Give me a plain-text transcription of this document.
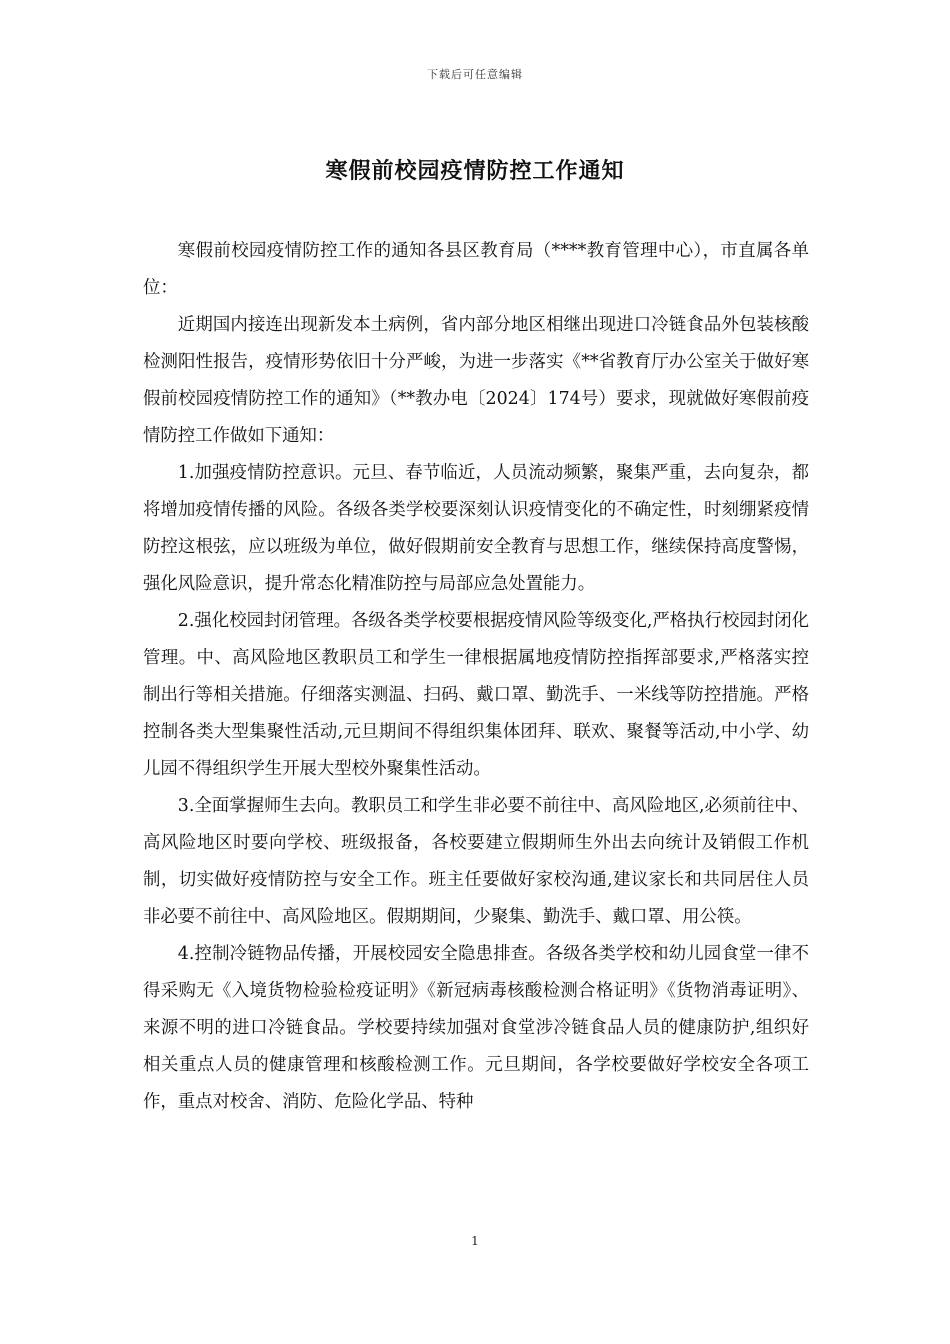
下载后可任意编辑
寒假前校园疫情防控工作通知

寒假前校园疫情防控工作的通知各县区教育局（****教育管理中心），市直属各单位：

近期国内接连出现新发本土病例，省内部分地区相继出现进口冷链食品外包装核酸检测阳性报告，疫情形势依旧十分严峻，为进一步落实《**省教育厅办公室关于做好寒假前校园疫情防控工作的通知》（**教办电〔2024〕174号）要求，现就做好寒假前疫情防控工作做如下通知：

1.加强疫情防控意识。元旦、春节临近，人员流动频繁，聚集严重，去向复杂，都将增加疫情传播的风险。各级各类学校要深刻认识疫情变化的不确定性，时刻绷紧疫情防控这根弦，应以班级为单位，做好假期前安全教育与思想工作，继续保持高度警惕，强化风险意识，提升常态化精准防控与局部应急处置能力。

2.强化校园封闭管理。各级各类学校要根据疫情风险等级变化,严格执行校园封闭化管理。中、高风险地区教职员工和学生一律根据属地疫情防控指挥部要求,严格落实控制出行等相关措施。仔细落实测温、扫码、戴口罩、勤洗手、一米线等防控措施。严格控制各类大型集聚性活动,元旦期间不得组织集体团拜、联欢、聚餐等活动,中小学、幼儿园不得组织学生开展大型校外聚集性活动。

3.全面掌握师生去向。教职员工和学生非必要不前往中、高风险地区,必须前往中、高风险地区时要向学校、班级报备，各校要建立假期师生外出去向统计及销假工作机制，切实做好疫情防控与安全工作。班主任要做好家校沟通,建议家长和共同居住人员非必要不前往中、高风险地区。假期期间，少聚集、勤洗手、戴口罩、用公筷。

4.控制冷链物品传播，开展校园安全隐患排查。各级各类学校和幼儿园食堂一律不得采购无《入境货物检验检疫证明》《新冠病毒核酸检测合格证明》《货物消毒证明》、来源不明的进口冷链食品。学校要持续加强对食堂涉冷链食品人员的健康防护,组织好相关重点人员的健康管理和核酸检测工作。元旦期间，各学校要做好学校安全各项工作，重点对校舍、消防、危险化学品、特种

1
